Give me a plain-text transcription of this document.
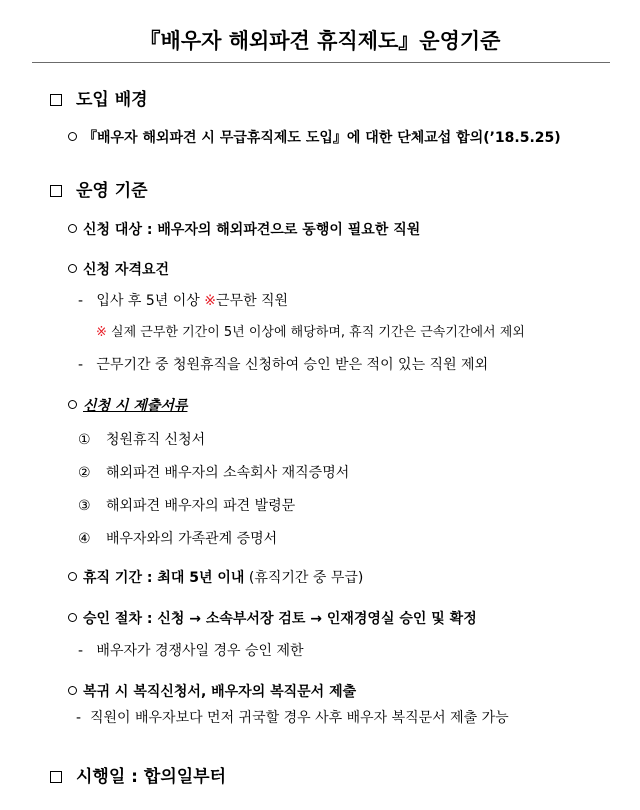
『배우자 해외파견 휴직제도』운영기준
도입 배경
『배우자 해외파견 시 무급휴직제도 도입』에 대한 단체교섭 합의(’18.5.25)
운영 기준
신청 대상 : 배우자의 해외파견으로 동행이 필요한 직원
신청 자격요건
- 입사 후 5년 이상 ※근무한 직원
※ 실제 근무한 기간이 5년 이상에 해당하며, 휴직 기간은 근속기간에서 제외
- 근무기간 중 청원휴직을 신청하여 승인 받은 적이 있는 직원 제외
신청 시 제출서류
① 청원휴직 신청서
② 해외파견 배우자의 소속회사 재직증명서
③ 해외파견 배우자의 파견 발령문
④ 배우자와의 가족관계 증명서
휴직 기간 : 최대 5년 이내 (휴직기간 중 무급)
승인 절차 : 신청 → 소속부서장 검토 → 인재경영실 승인 및 확정
- 배우자가 경쟁사일 경우 승인 제한
복귀 시 복직신청서, 배우자의 복직문서 제출
- 직원이 배우자보다 먼저 귀국할 경우 사후 배우자 복직문서 제출 가능
시행일 : 합의일부터
